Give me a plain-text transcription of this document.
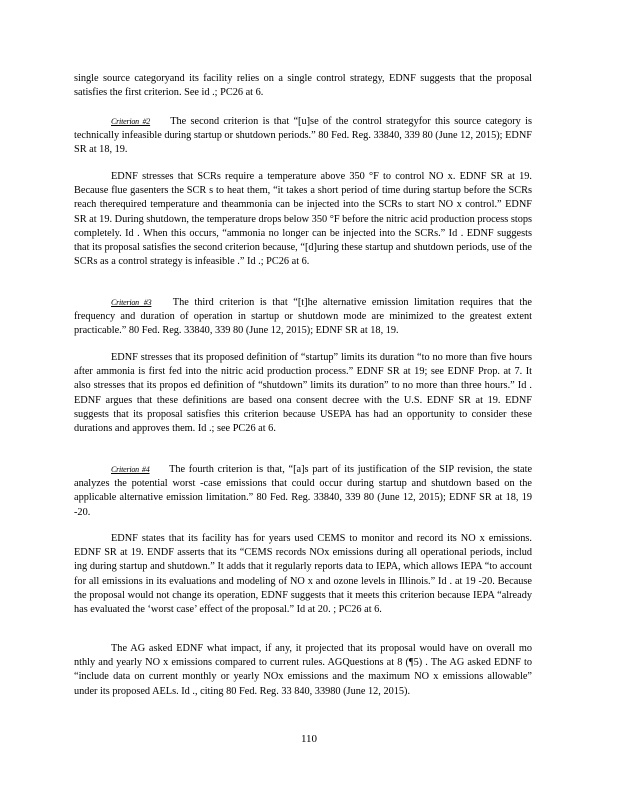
single source categoryand its facility relies on a single control strategy, EDNF suggests that the proposal satisfies the first criterion. See id .; PC26 at 6.

Criterion #2 The second criterion is that “[u]se of the control strategyfor this source category is technically infeasible during startup or shutdown periods.” 80 Fed. Reg. 33840, 339 80 (June 12, 2015); EDNF SR at 18, 19.

EDNF stresses that SCRs require a temperature above 350 °F to control NO x. EDNF SR at 19. Because flue gasenters the SCR s to heat them, “it takes a short period of time during startup before the SCRs reach therequired temperature and theammonia can be injected into the SCRs to start NO x control.” EDNF SR at 19. During shutdown, the temperature drops below 350 °F before the nitric acid production process stops completely. Id . When this occurs, “ammonia no longer can be injected into the SCRs.” Id . EDNF suggests that its proposal satisfies the second criterion because, “[d]uring these startup and shutdown periods, use of the SCRs as a control strategy is infeasible .” Id .; PC26 at 6.

Criterion #3 The third criterion is that “[t]he alternative emission limitation requires that the frequency and duration of operation in startup or shutdown mode are minimized to the greatest extent practicable.” 80 Fed. Reg. 33840, 339 80 (June 12, 2015); EDNF SR at 18, 19.

EDNF stresses that its proposed definition of “startup” limits its duration “to no more than five hours after ammonia is first fed into the nitric acid production process.” EDNF SR at 19; see EDNF Prop. at 7. It also stresses that its propos ed definition of “shutdown” limits its duration” to no more than three hours.” Id . EDNF argues that these definitions are based ona consent decree with the U.S. EDNF SR at 19. EDNF suggests that its proposal satisfies this criterion because USEPA has had an opportunity to consider these durations and approves them. Id .; see PC26 at 6.

Criterion #4 The fourth criterion is that, “[a]s part of its justification of the SIP revision, the state analyzes the potential worst -case emissions that could occur during startup and shutdown based on the applicable alternative emission limitation.” 80 Fed. Reg. 33840, 339 80 (June 12, 2015); EDNF SR at 18, 19 -20.

EDNF states that its facility has for years used CEMS to monitor and record its NO x emissions. EDNF SR at 19. ENDF asserts that its “CEMS records NOx emissions during all operational periods, includ ing during startup and shutdown.” It adds that it regularly reports data to IEPA, which allows IEPA “to account for all emissions in its evaluations and modeling of NO x and ozone levels in Illinois.” Id . at 19 -20. Because the proposal would not change its operation, EDNF suggests that it meets this criterion because IEPA “already has evaluated the ‘worst case’ effect of the proposal.” Id at 20. ; PC26 at 6.

The AG asked EDNF what impact, if any, it projected that its proposal would have on overall mo nthly and yearly NO x emissions compared to current rules. AGQuestions at 8 (¶5) . The AG asked EDNF to “include data on current monthly or yearly NOx emissions and the maximum NO x emissions allowable” under its proposed AELs. Id ., citing 80 Fed. Reg. 33 840, 33980 (June 12, 2015).

110
